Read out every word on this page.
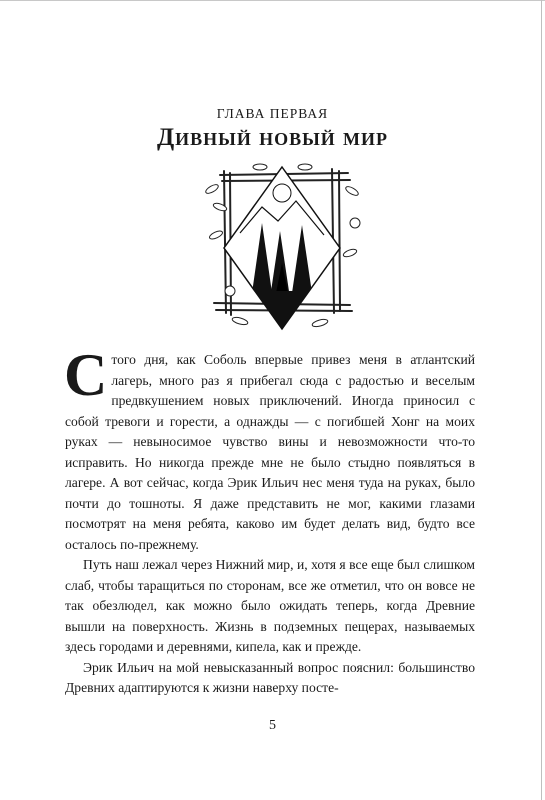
ГЛАВА ПЕРВАЯ
Дивный новый мир

Стого дня, как Соболь впервые привез меня в атлантский лагерь, много раз я прибегал сюда с радостью и веселым предвкушением новых приключений. Иногда приносил с собой тревоги и горести, а однажды — с погибшей Хонг на моих руках — невыносимое чувство вины и невозможности что-то исправить. Но никогда прежде мне не было стыдно появляться в лагере. А вот сейчас, когда Эрик Ильич нес меня туда на руках, было почти до тошноты. Я даже представить не мог, какими глазами посмотрят на меня ребята, каково им будет делать вид, будто все осталось по-прежнему.

Путь наш лежал через Нижний мир, и, хотя я все еще был слишком слаб, чтобы таращиться по сторонам, все же отметил, что он вовсе не так обезлюдел, как можно было ожидать теперь, когда Древние вышли на поверхность. Жизнь в подземных пещерах, называемых здесь городами и деревнями, кипела, как и прежде.

Эрик Ильич на мой невысказанный вопрос пояснил: большинство Древних адаптируются к жизни наверху посте-

5
